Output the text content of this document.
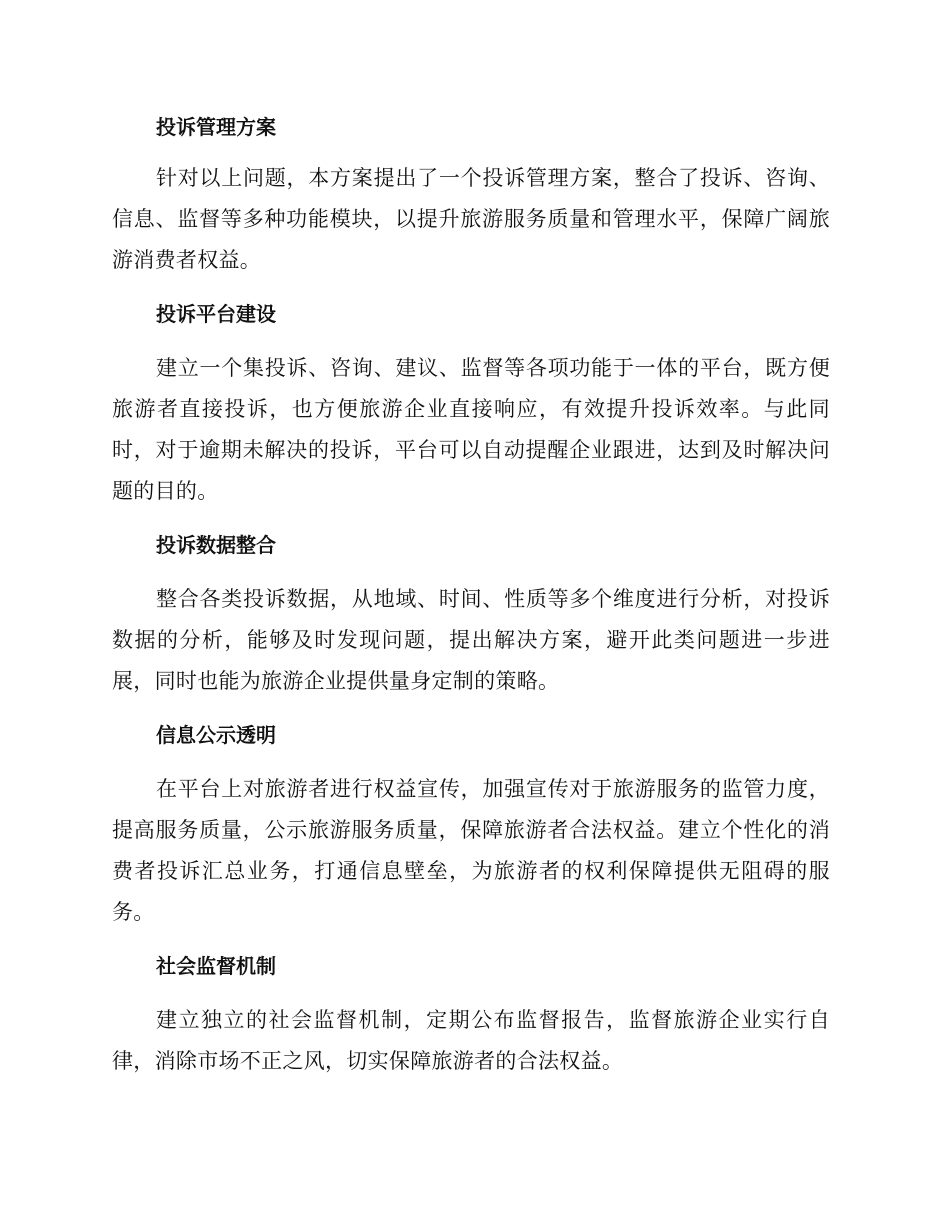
投诉管理方案

针对以上问题，本方案提出了一个投诉管理方案，整合了投诉、咨询、信息、监督等多种功能模块，以提升旅游服务质量和管理水平，保障广阔旅游消费者权益。

投诉平台建设

建立一个集投诉、咨询、建议、监督等各项功能于一体的平台，既方便旅游者直接投诉，也方便旅游企业直接响应，有效提升投诉效率。与此同时，对于逾期未解决的投诉，平台可以自动提醒企业跟进，达到及时解决问题的目的。

投诉数据整合

整合各类投诉数据，从地域、时间、性质等多个维度进行分析，对投诉数据的分析，能够及时发现问题，提出解决方案，避开此类问题进一步进展，同时也能为旅游企业提供量身定制的策略。

信息公示透明

在平台上对旅游者进行权益宣传，加强宣传对于旅游服务的监管力度，提高服务质量，公示旅游服务质量，保障旅游者合法权益。建立个性化的消费者投诉汇总业务，打通信息壁垒，为旅游者的权利保障提供无阻碍的服务。

社会监督机制

建立独立的社会监督机制，定期公布监督报告，监督旅游企业实行自律，消除市场不正之风，切实保障旅游者的合法权益。
